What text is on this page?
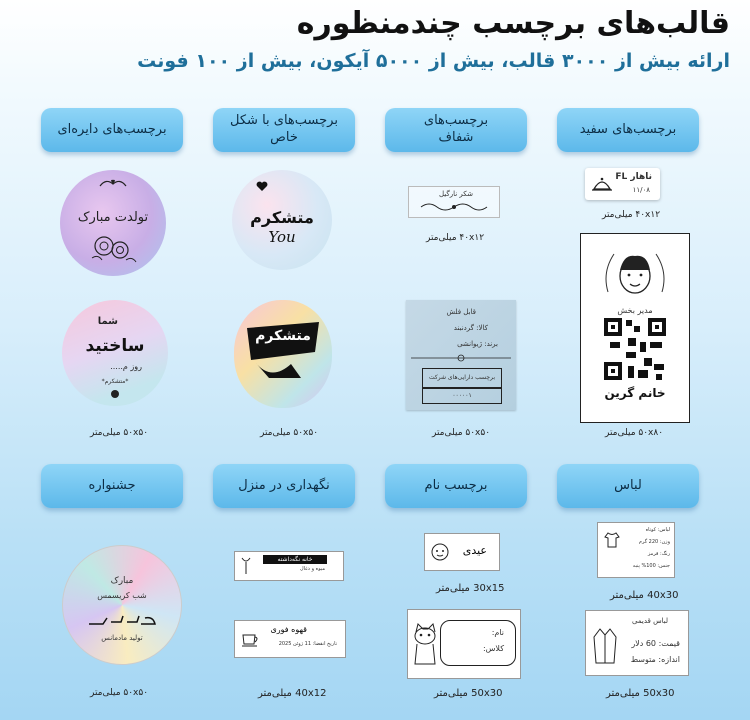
قالب‌های برچسب چندمنظوره
ارائه بیش از ۳۰۰۰ قالب، بیش از ۵۰۰۰ آیکون، بیش از ۱۰۰ فونت
برچسب‌های سفید
برچسب‌های شفاف
برچسب‌های با شکل خاص
برچسب‌های دایره‌ای
لباس
برچسب نام
نگهداری در منزل
جشنواره
ناهار FL
۱۱/۰۸
۴۰x۱۲ میلی‌متر
مدیر بخش
خانم گرین
۵۰x۸۰ میلی‌متر
شکر نارگیل
۴۰x۱۲ میلی‌متر
قابل فلش
کالا: گردنبند
برند: ژیوانشی
برچسب دارایی‌های شرکت
۰۰۰۰۰۱
۵۰x۵۰ میلی‌متر
متشکرم
You
متشکرم
۵۰x۵۰ میلی‌متر
تولدت مبارک
شما
ساختید
روز م.....
*متشکرم*
۵۰x۵۰ میلی‌متر
لباس: کوتاه
وزن: 220 گرم
رنگ: قرمز
جنس: 100% پنبه
40x30 میلی‌متر
لباس قدیمی
قیمت: 60 دلار
اندازه: متوسط
50x30 میلی‌متر
عیدی
30x15 میلی‌متر
نام:
کلاس:
50x30 میلی‌متر
خانه نگه‌داشته
میوه و ذغال
قهوه فوری
تاریخ انقضا: 11 ژوئن 2025
40x12 میلی‌متر
مبارک
شب کریسمس
تولید مادمانس
۵۰x۵۰ میلی‌متر
